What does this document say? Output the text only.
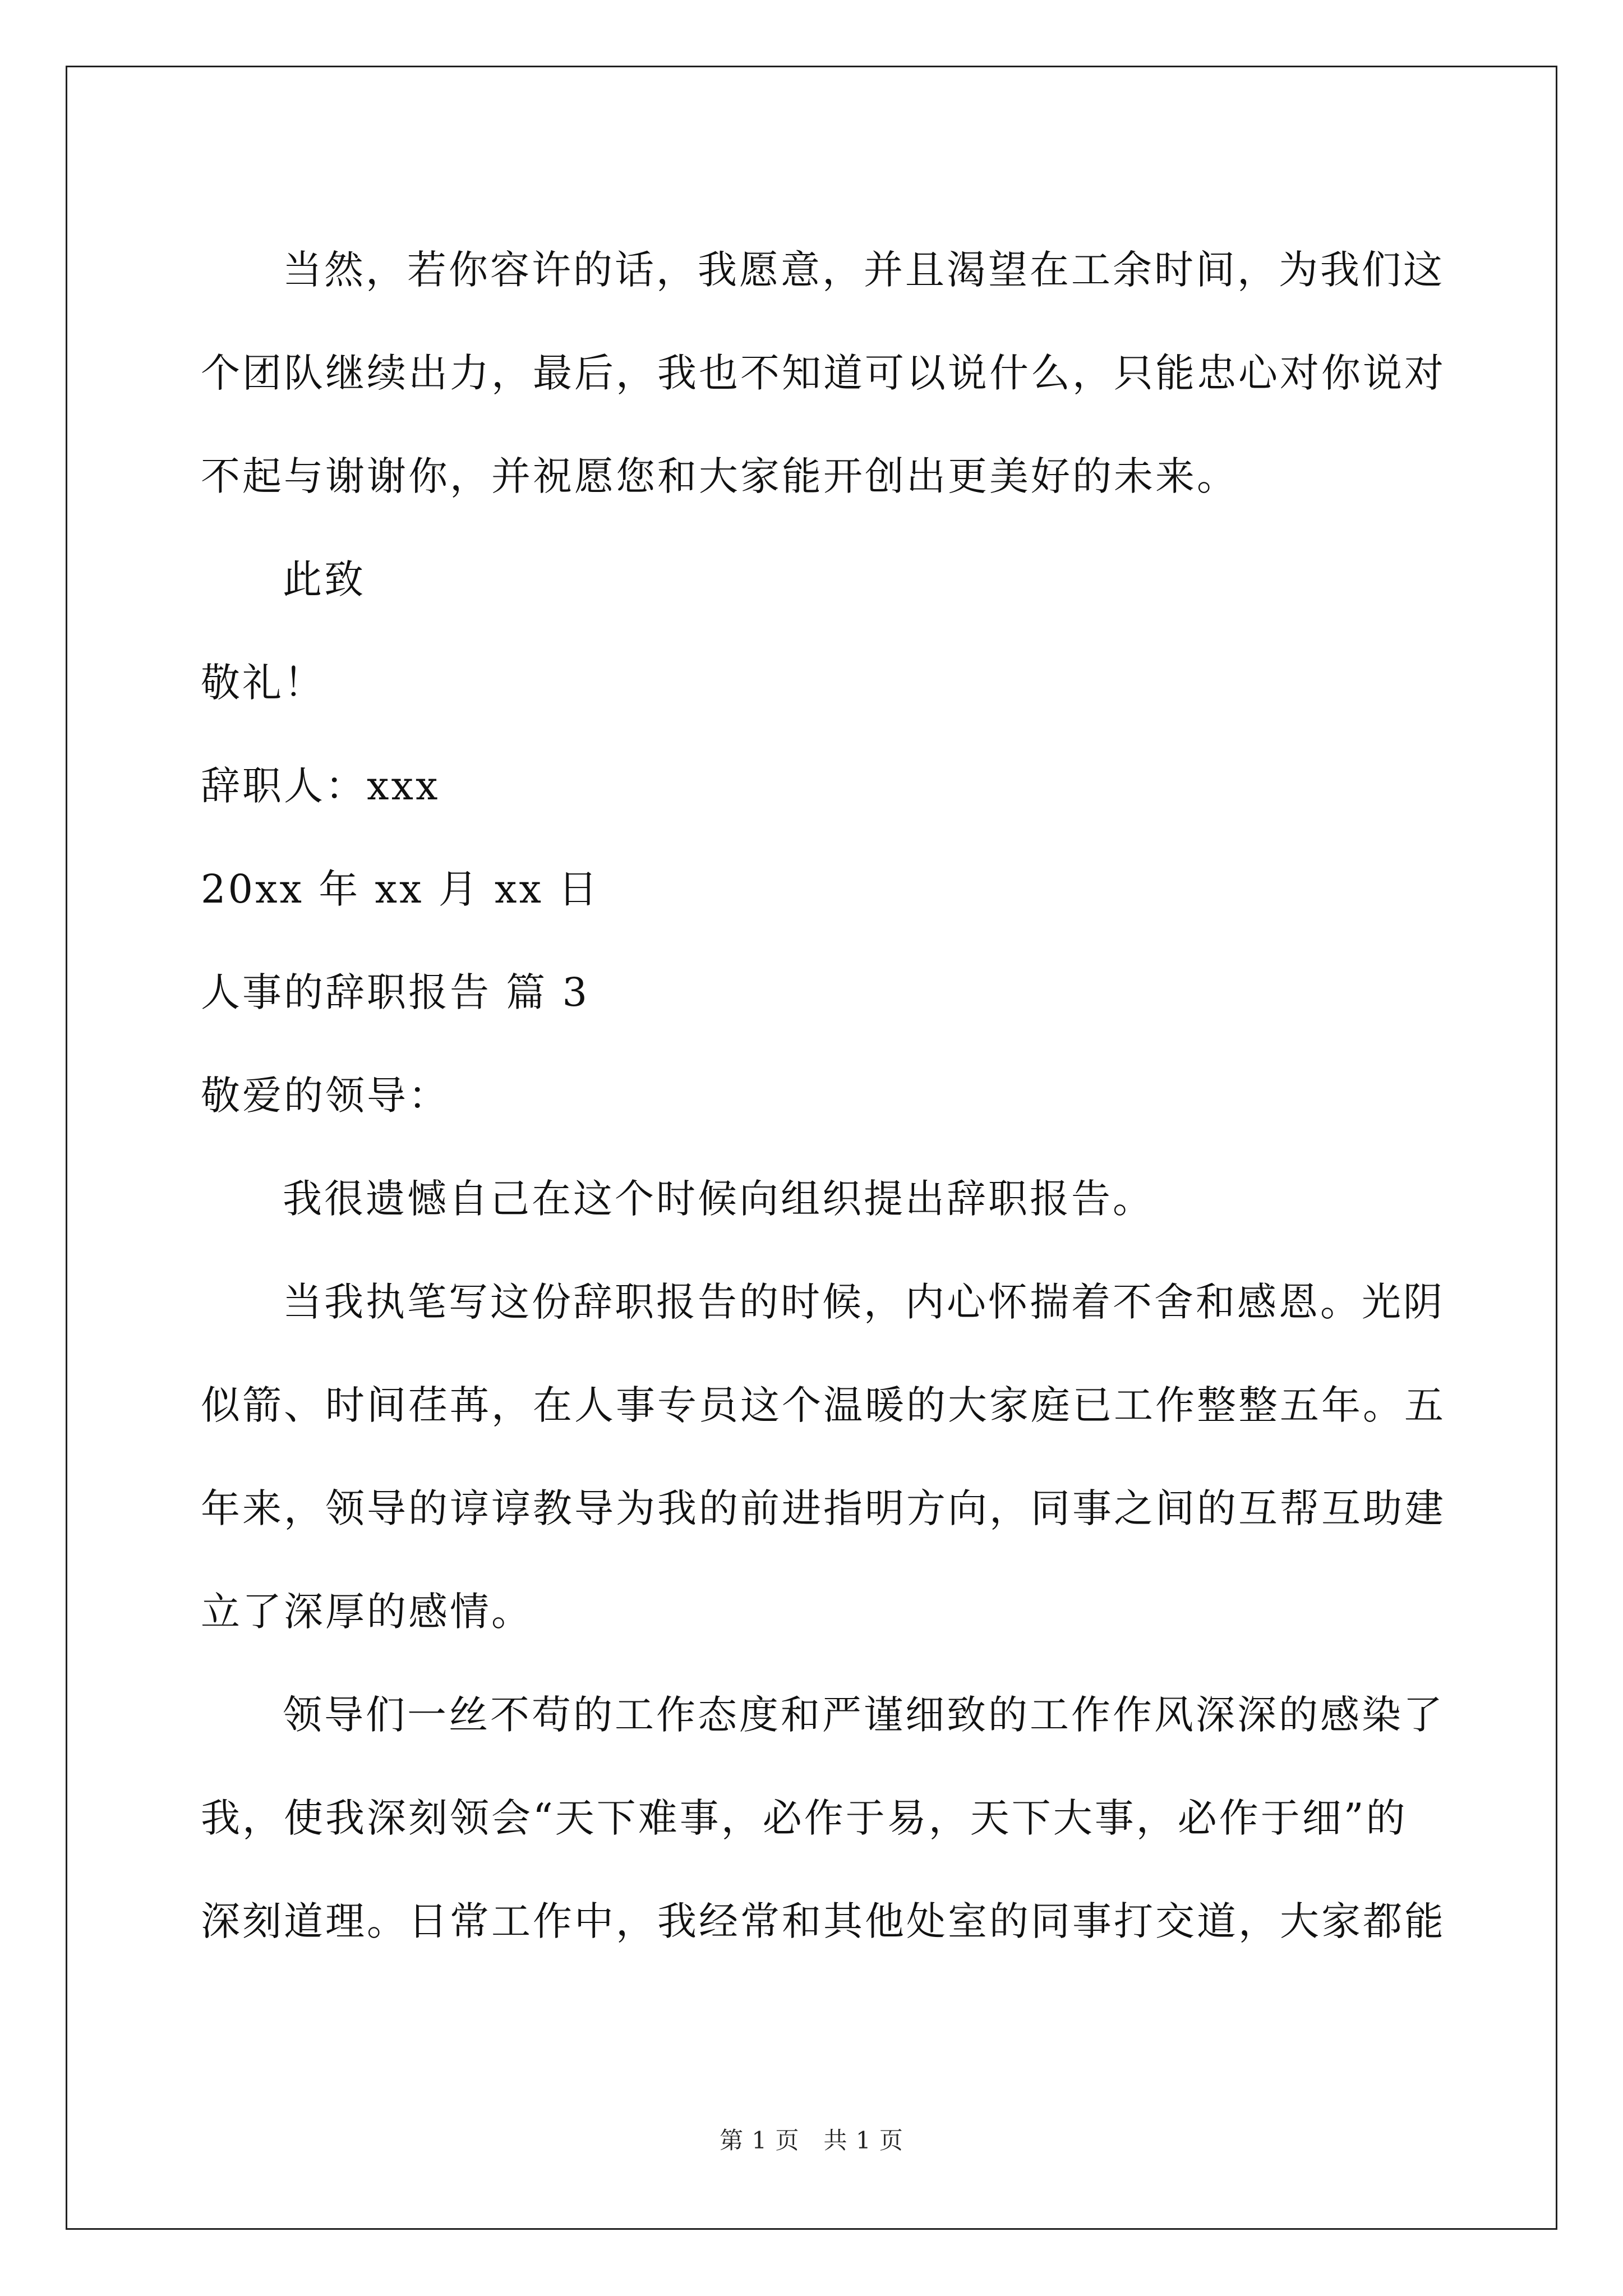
当然，若你容许的话，我愿意，并且渴望在工余时间，为我们这
个团队继续出力，最后，我也不知道可以说什么，只能忠心对你说对
不起与谢谢你，并祝愿您和大家能开创出更美好的未来。
此致
敬礼！
辞职人：xxx
20xx 年 xx 月 xx 日
人事的辞职报告 篇 3
敬爱的领导：
我很遗憾自己在这个时候向组织提出辞职报告。
当我执笔写这份辞职报告的时候，内心怀揣着不舍和感恩。光阴
似箭、时间荏苒，在人事专员这个温暖的大家庭已工作整整五年。五
年来，领导的谆谆教导为我的前进指明方向，同事之间的互帮互助建
立了深厚的感情。
领导们一丝不苟的工作态度和严谨细致的工作作风深深的感染了
我，使我深刻领会“天下难事，必作于易，天下大事，必作于细”的
深刻道理。日常工作中，我经常和其他处室的同事打交道，大家都能
第 1 页　共 1 页
